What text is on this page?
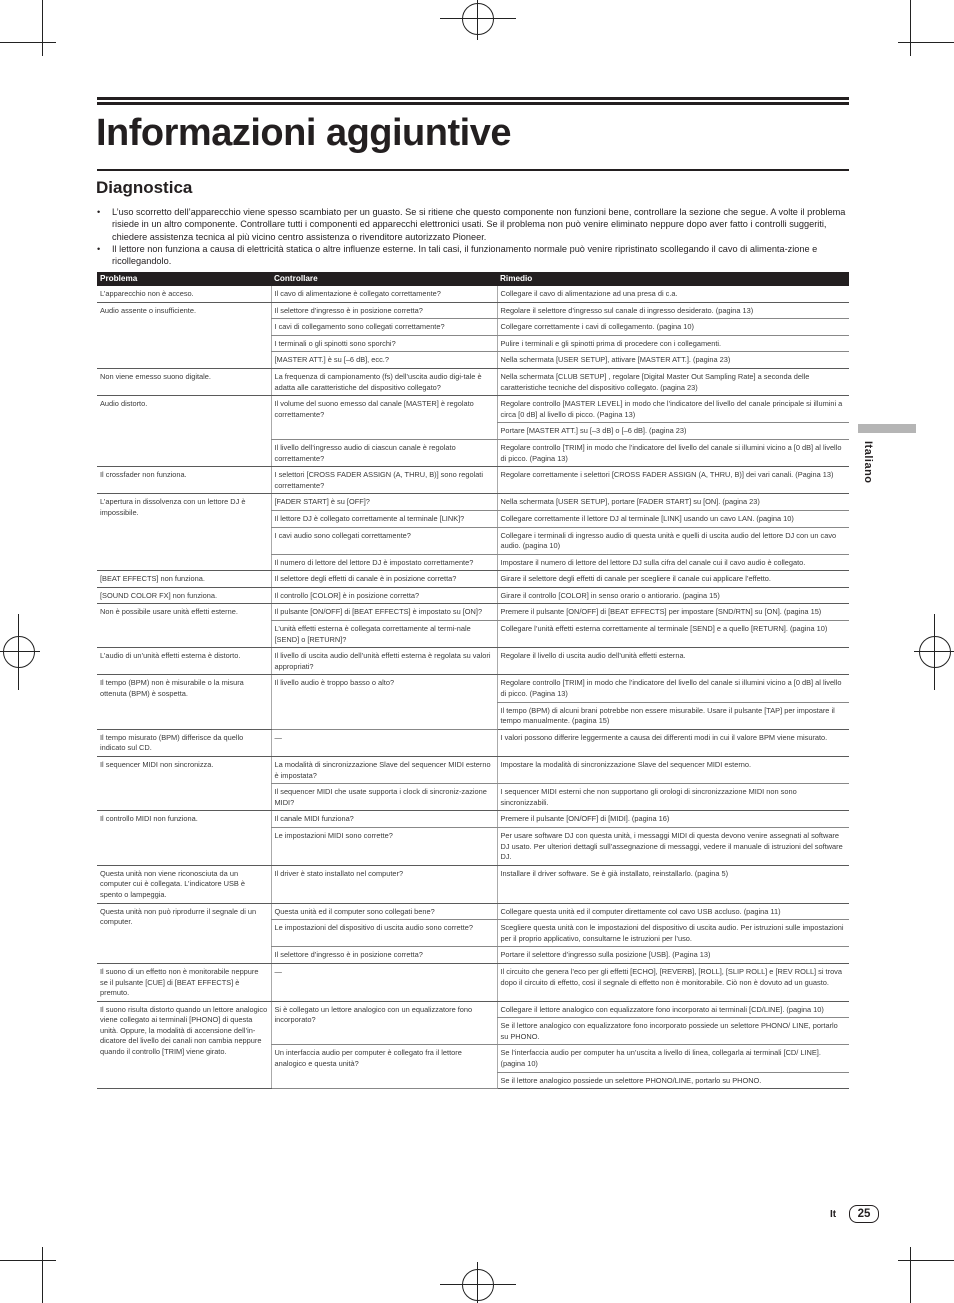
Informazioni aggiuntive
Diagnostica
• L’uso scorretto dell’apparecchio viene spesso scambiato per un guasto. Se si ritiene che questo componente non funzioni bene, controllare la sezione che segue. A volte il problema risiede in un altro componente. Controllare tutti i componenti ed apparecchi elettronici usati. Se il problema non può venire eliminato neppure dopo aver fatto i controlli suggeriti, chiedere assistenza tecnica al più vicino centro assistenza o rivenditore autorizzato Pioneer.
• Il lettore non funziona a causa di elettricità statica o altre influenze esterne. In tali casi, il funzionamento normale può venire ripristinato scollegando il cavo di alimenta-zione e ricollegandolo.
Problema	Controllare	Rimedio
L’apparecchio non è acceso.	Il cavo di alimentazione è collegato correttamente?	Collegare il cavo di alimentazione ad una presa di c.a.
Audio assente o insufficiente.	Il selettore d’ingresso è in posizione corretta?	Regolare il selettore d’ingresso sul canale di ingresso desiderato. (pagina 13)
	I cavi di collegamento sono collegati correttamente?	Collegare correttamente i cavi di collegamento. (pagina 10)
	I terminali o gli spinotti sono sporchi?	Pulire i terminali e gli spinotti prima di procedere con i collegamenti.
	[MASTER ATT.] è su [–6 dB], ecc.?	Nella schermata [USER SETUP], attivare [MASTER ATT.]. (pagina 23)
Non viene emesso suono digitale.	La frequenza di campionamento (fs) dell’uscita audio digi-tale è adatta alle caratteristiche del dispositivo collegato?	Nella schermata [CLUB SETUP] , regolare [Digital Master Out Sampling Rate] a seconda delle caratteristiche tecniche del dispositivo collegato. (pagina 23)
Audio distorto.	Il volume del suono emesso dal canale [MASTER] è regolato correttamente?	Regolare controllo [MASTER LEVEL] in modo che l’indicatore del livello del canale principale si illumini a circa [0 dB] al livello di picco. (Pagina 13)
		Portare [MASTER ATT.] su [–3 dB] o [–6 dB]. (pagina 23)
	Il livello dell’ingresso audio di ciascun canale è regolato correttamente?	Regolare controllo [TRIM] in modo che l’indicatore del livello del canale si illumini vicino a [0 dB] al livello di picco. (Pagina 13)
Il crossfader non funziona.	I selettori [CROSS FADER ASSIGN (A, THRU, B)] sono regolati correttamente?	Regolare correttamente i selettori [CROSS FADER ASSIGN (A, THRU, B)] dei vari canali. (Pagina 13)
L’apertura in dissolvenza con un lettore DJ è impossibile.	[FADER START] è su [OFF]?	Nella schermata [USER SETUP], portare [FADER START] su [ON]. (pagina 23)
	Il lettore DJ è collegato correttamente al terminale [LINK]?	Collegare correttamente il lettore DJ al terminale [LINK] usando un cavo LAN. (pagina 10)
	I cavi audio sono collegati correttamente?	Collegare i terminali di ingresso audio di questa unità e quelli di uscita audio del lettore DJ con un cavo audio. (pagina 10)
	Il numero di lettore del lettore DJ è impostato correttamente?	Impostare il numero di lettore del lettore DJ sulla cifra del canale cui il cavo audio è collegato.
[BEAT EFFECTS] non funziona.	Il selettore degli effetti di canale è in posizione corretta?	Girare il selettore degli effetti di canale per scegliere il canale cui applicare l’effetto.
[SOUND COLOR FX] non funziona.	Il controllo [COLOR] è in posizione corretta?	Girare il controllo [COLOR] in senso orario o antiorario. (pagina 15)
Non è possibile usare unità effetti esterne.	Il pulsante [ON/OFF] di [BEAT EFFECTS] è impostato su [ON]?	Premere il pulsante [ON/OFF] di [BEAT EFFECTS] per impostare [SND/RTN] su [ON]. (pagina 15)
	L’unità effetti esterna è collegata correttamente al termi-nale [SEND] o [RETURN]?	Collegare l’unità effetti esterna correttamente al terminale [SEND] e a quello [RETURN]. (pagina 10)
L’audio di un’unità effetti esterna è distorto.	Il livello di uscita audio dell’unità effetti esterna è regolata su valori appropriati?	Regolare il livello di uscita audio dell’unità effetti esterna.
Il tempo (BPM) non è misurabile o la misura ottenuta (BPM) è sospetta.	Il livello audio è troppo basso o alto?	Regolare controllo [TRIM] in modo che l’indicatore del livello del canale si illumini vicino a [0 dB] al livello di picco. (Pagina 13)
		Il tempo (BPM) di alcuni brani potrebbe non essere misurabile. Usare il pulsante [TAP] per impostare il tempo manualmente. (pagina 15)
Il tempo misurato (BPM) differisce da quello indicato sul CD.	—	I valori possono differire leggermente a causa dei differenti modi in cui il valore BPM viene misurato.
Il sequencer MIDI non sincronizza.	La modalità di sincronizzazione Slave del sequencer MIDI esterno è impostata?	Impostare la modalità di sincronizzazione Slave del sequencer MIDI esterno.
	Il sequencer MIDI che usate supporta i clock di sincroniz-zazione MIDI?	I sequencer MIDI esterni che non supportano gli orologi di sincronizzazione MIDI non sono sincronizzabili.
Il controllo MIDI non funziona.	Il canale MIDI funziona?	Premere il pulsante [ON/OFF] di [MIDI]. (pagina 16)
	Le impostazioni MIDI sono corrette?	Per usare software DJ con questa unità, i messaggi MIDI di questa devono venire assegnati al software DJ usato. Per ulteriori dettagli sull’assegnazione di messaggi, vedere il manuale di istruzioni del software DJ.
Questa unità non viene riconosciuta da un computer cui è collegata. L’indicatore USB è spento o lampeggia.	Il driver è stato installato nel computer?	Installare il driver software. Se è già installato, reinstallarlo. (pagina 5)
Questa unità non può riprodurre il segnale di un computer.	Questa unità ed il computer sono collegati bene?	Collegare questa unità ed il computer direttamente col cavo USB accluso. (pagina 11)
	Le impostazioni del dispositivo di uscita audio sono corrette?	Scegliere questa unità con le impostazioni del dispositivo di uscita audio. Per istruzioni sulle impostazioni per il proprio applicativo, consultarne le istruzioni per l’uso.
	Il selettore d’ingresso è in posizione corretta?	Portare il selettore d’ingresso sulla posizione [USB]. (Pagina 13)
Il suono di un effetto non è monitorabile neppure se il pulsante [CUE] di [BEAT EFFECTS] è premuto.	—	Il circuito che genera l’eco per gli effetti [ECHO], [REVERB], [ROLL], [SLIP ROLL] e [REV ROLL] si trova dopo il circuito di effetto, così il segnale di effetto non è monitorabile. Ciò non è dovuto ad un guasto.
Il suono risulta distorto quando un lettore analogico viene collegato ai terminali [PHONO] di questa unità. Oppure, la modalità di accensione dell’in-dicatore del livello dei canali non cambia neppure quando il controllo [TRIM] viene girato.	Si è collegato un lettore analogico con un equalizzatore fono incorporato?	Collegare il lettore analogico con equalizzatore fono incorporato ai terminali [CD/LINE]. (pagina 10)
		Se il lettore analogico con equalizzatore fono incorporato possiede un selettore PHONO/ LINE, portarlo su PHONO.
	Un interfaccia audio per computer è collegato fra il lettore analogico e questa unità?	Se l’interfaccia audio per computer ha un’uscita a livello di linea, collegarla ai terminali [CD/ LINE]. (pagina 10)
		Se il lettore analogico possiede un selettore PHONO/LINE, portarlo su PHONO.
Italiano
It	25
